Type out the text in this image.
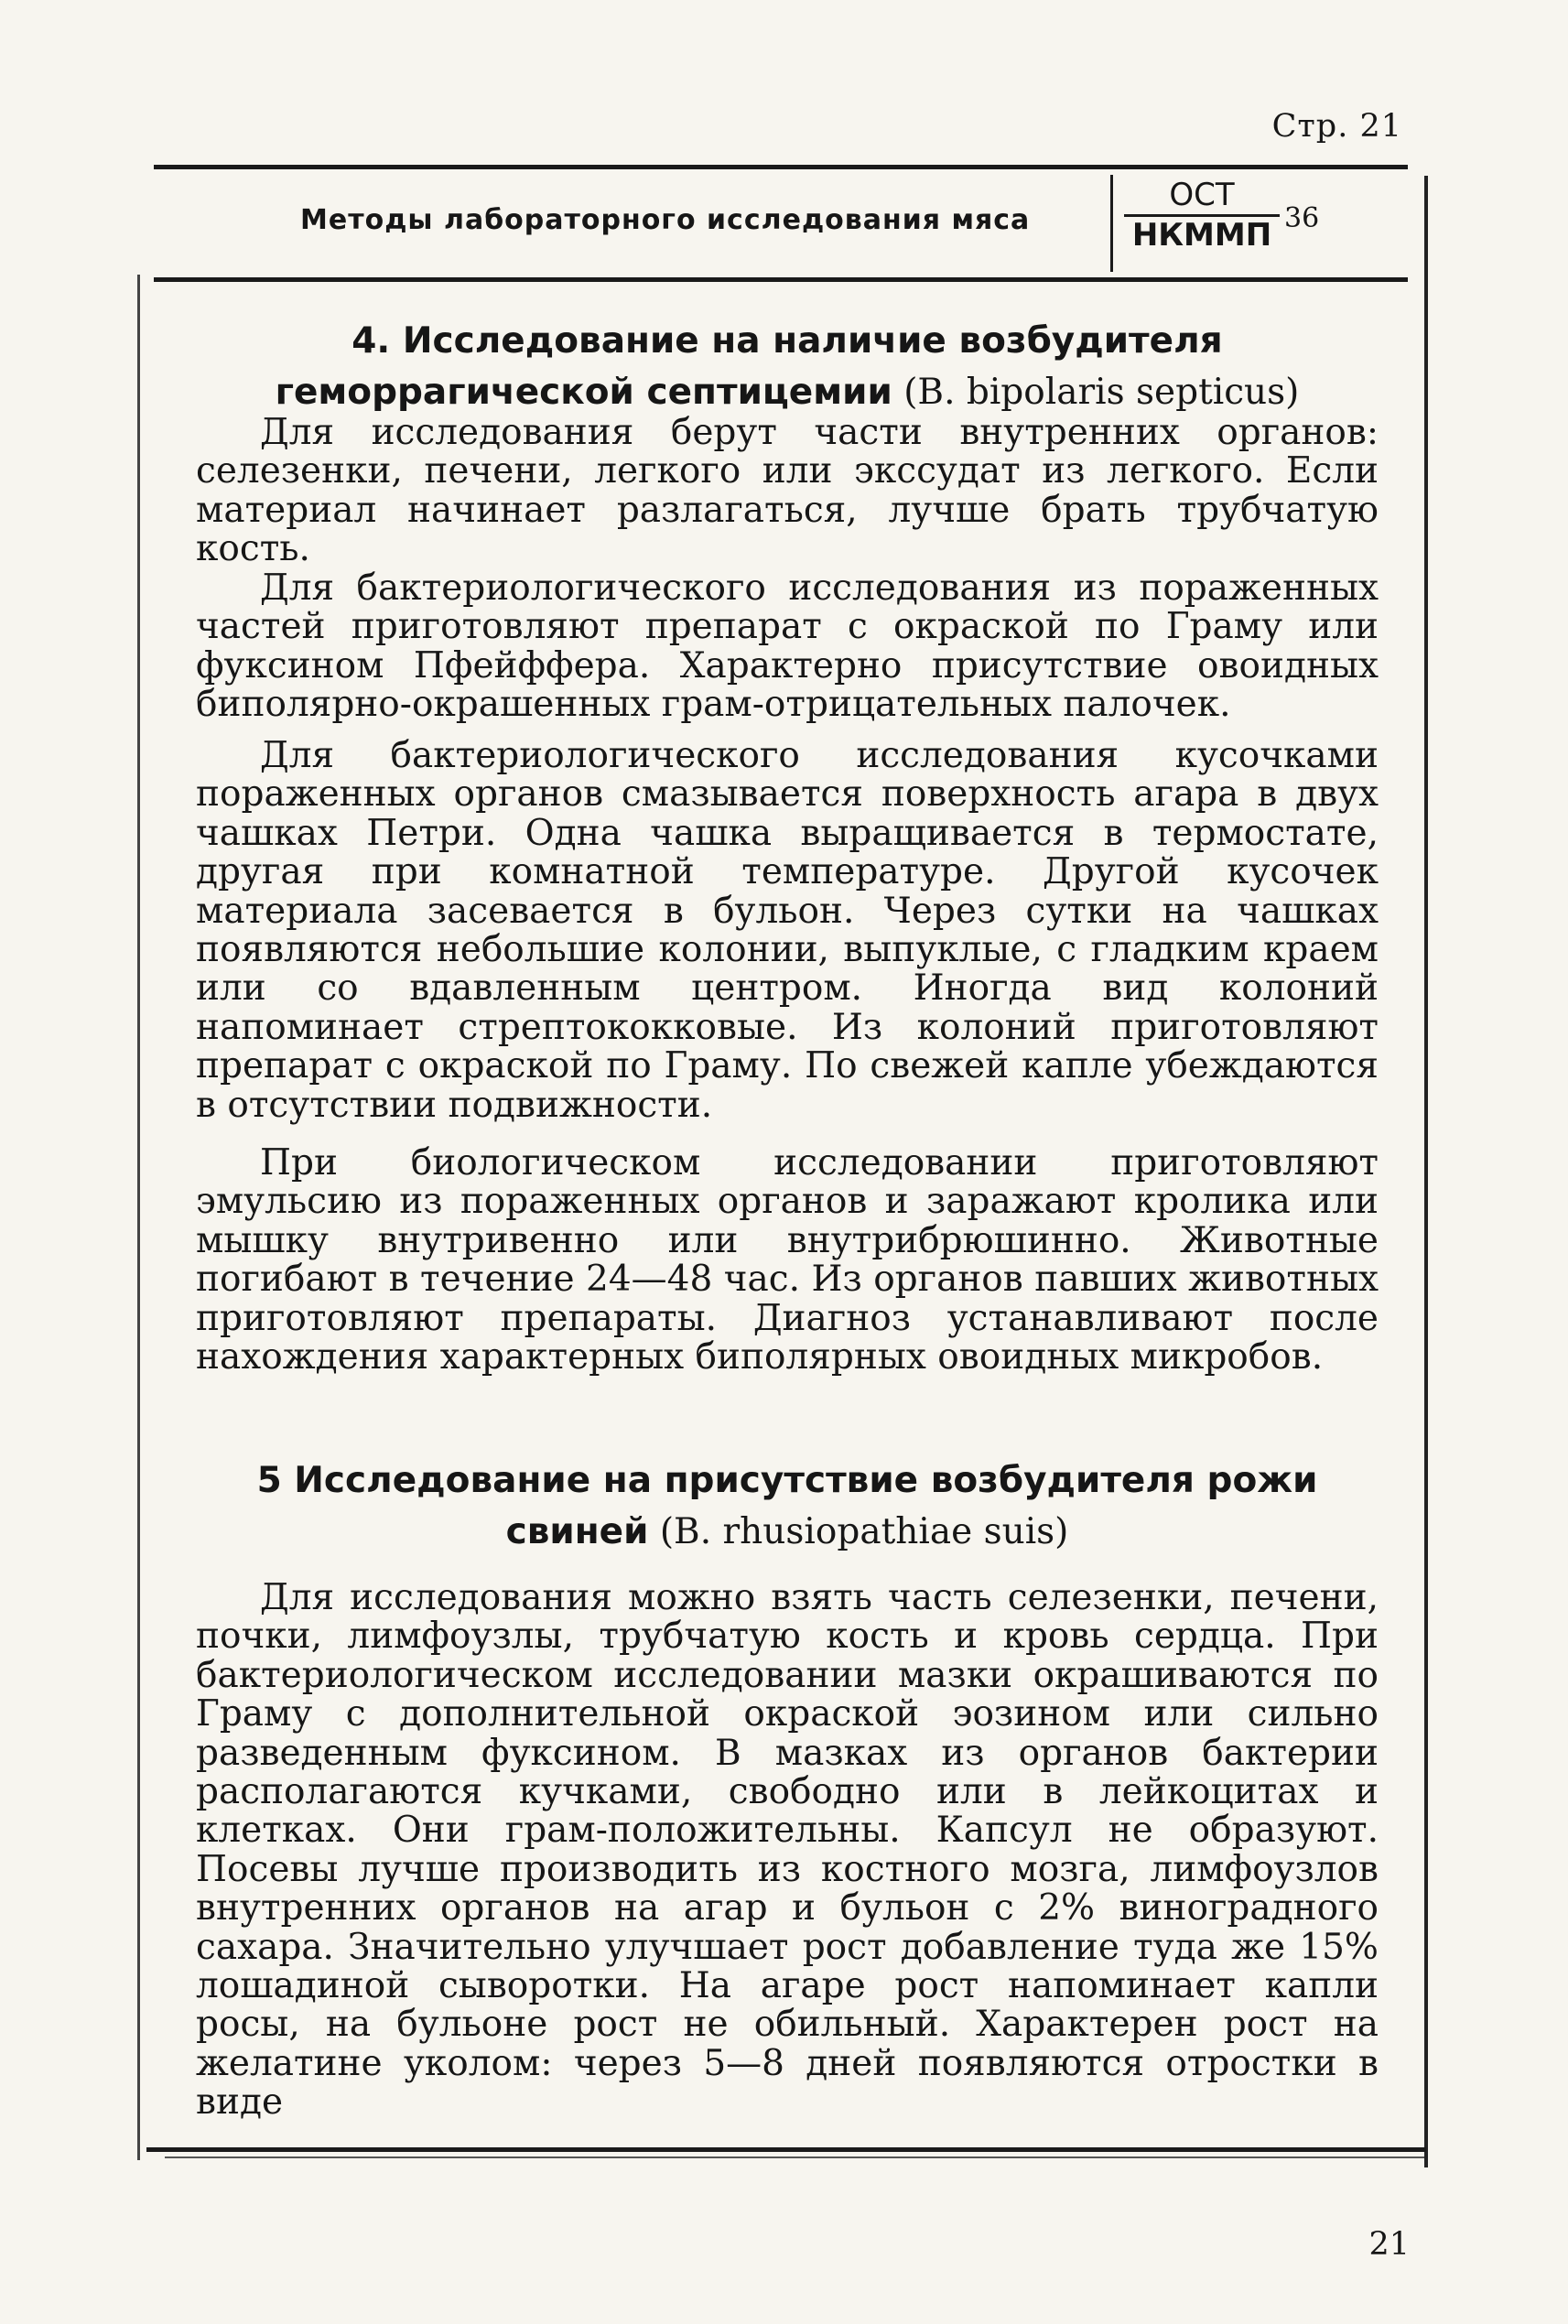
Стр. 21
Методы лабораторного исследования мяса
ОСТ
НКММП 36
4. Исследование на наличие возбудителя геморрагической септицемии (B. bipolaris septicus)

Для исследования берут части внутренних органов: селезенки, печени, легкого или экссудат из легкого. Если материал начинает разлагаться, лучше брать трубчатую кость.

Для бактериологического исследования из пораженных частей приготовляют препарат с окраской по Граму или фуксином Пфейффера. Характерно присутствие овоидных биполярно-окрашенных грам-отрицательных палочек.

Для бактериологического исследования кусочками пораженных органов смазывается поверхность агара в двух чашках Петри. Одна чашка выращивается в термостате, другая при комнатной температуре. Другой кусочек материала засевается в бульон. Через сутки на чашках появляются небольшие колонии, выпуклые, с гладким краем или со вдавленным центром. Иногда вид колоний напоминает стрептококковые. Из колоний приготовляют препарат с окраской по Граму. По свежей капле убеждаются в отсутствии подвижности.

При биологическом исследовании приготовляют эмульсию из пораженных органов и заражают кролика или мышку внутривенно или внутрибрюшинно. Животные погибают в течение 24—48 час. Из органов павших животных приготовляют препараты. Диагноз устанавливают после нахождения характерных биполярных овоидных микробов.

5 Исследование на присутствие возбудителя рожи свиней (B. rhusiopathiae suis)

Для исследования можно взять часть селезенки, печени, почки, лимфоузлы, трубчатую кость и кровь сердца. При бактериологическом исследовании мазки окрашиваются по Граму с дополнительной окраской эозином или сильно разведенным фуксином. В мазках из органов бактерии располагаются кучками, свободно или в лейкоцитах и клетках. Они грам-положительны. Капсул не образуют. Посевы лучше производить из костного мозга, лимфоузлов внутренних органов на агар и бульон с 2% виноградного сахара. Значительно улучшает рост добавление туда же 15% лошадиной сыворотки. На агаре рост напоминает капли росы, на бульоне рост не обильный. Характерен рост на желатине уколом: через 5—8 дней появляются отростки в виде

21
